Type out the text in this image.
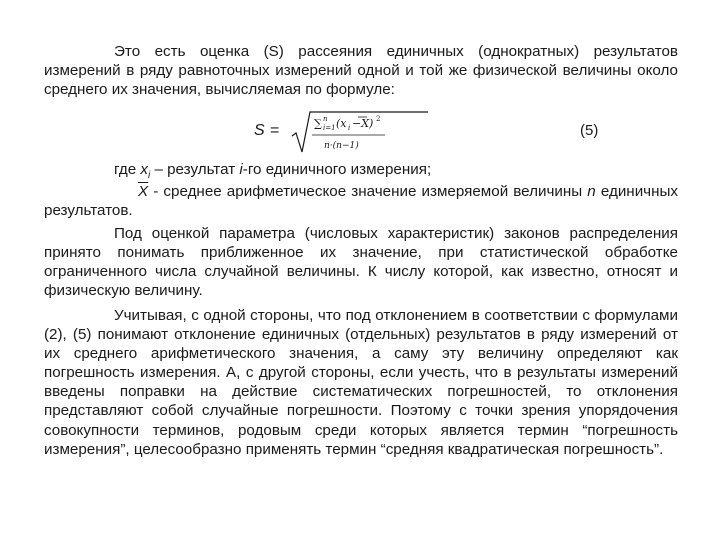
Это есть оценка (S) рассеяния единичных (однократных) результатов измерений в ряду равноточных измерений одной и той же физической величины около среднего их значения, вычисляемая по формуле:

S =	∑ n
i=1 (x i −X) 2
n·(n−1)
(5)
где $x_i$ – результат i-го единичного измерения;

$\overline{X}$ - среднее арифметическое значение измеряемой величины n единичных результатов.

Под оценкой параметра (числовых характеристик) законов распределения принято понимать приближенное их значение, при статистической обработке ограниченного числа случайной величины. К числу которой, как известно, относят и физическую величину.

Учитывая, с одной стороны, что под отклонением в соответствии с формулами (2), (5) понимают отклонение единичных (отдельных) результатов в ряду измерений от их среднего арифметического значения, а саму эту величину определяют как погрешность измерения. А, с другой стороны, если учесть, что в результаты измерений введены поправки на действие систематических погрешностей, то отклонения представляют собой случайные погрешности. Поэтому с точки зрения упорядочения совокупности терминов, родовым среди которых является термин “погрешность измерения”, целесообразно применять термин “средняя квадратическая погрешность”.
